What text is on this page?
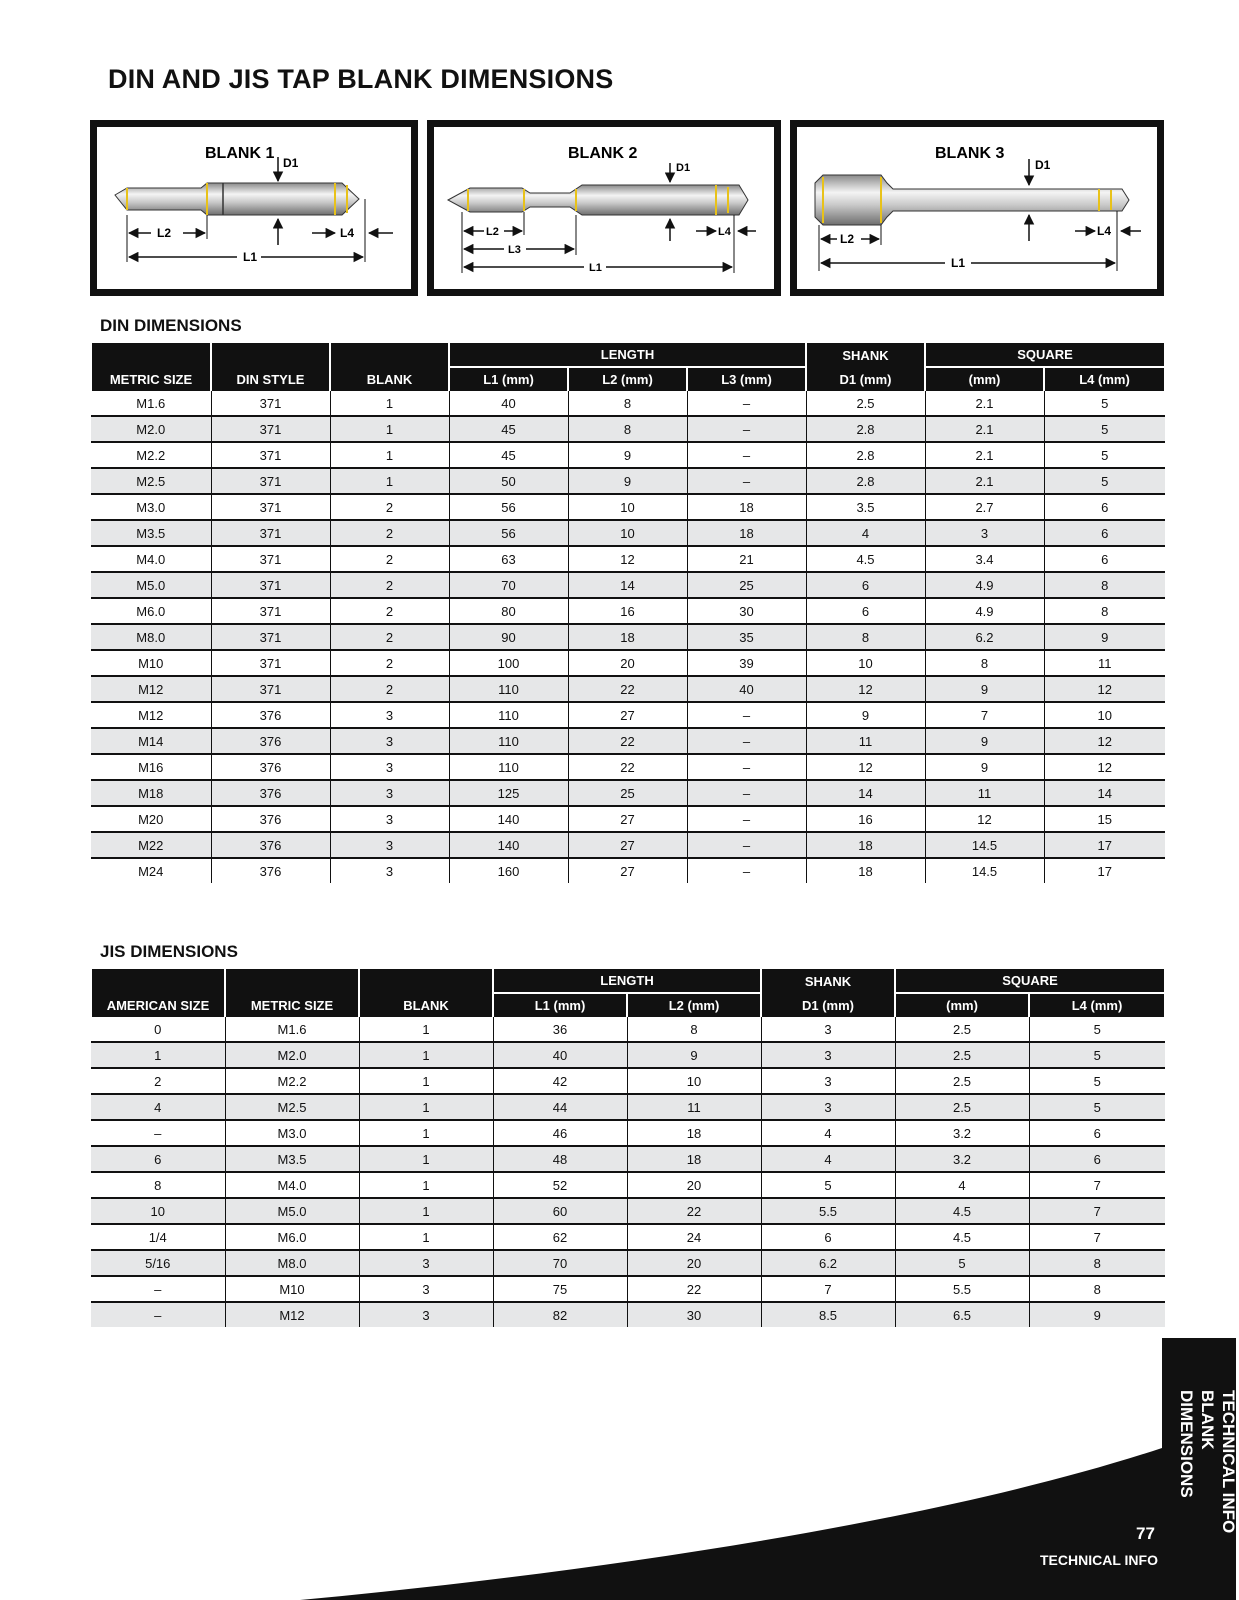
DIN AND JIS TAP BLANK DIMENSIONS
BLANK 1
D1
L2	L4
L1
BLANK 2
D1
L2	L4
L3
L1
BLANK 3
D1
L2
L4
L1
DIN DIMENSIONS
METRIC SIZE	DIN STYLE	BLANK	LENGTH			SHANK	SQUARE	
			L1 (mm)	L2 (mm)	L3 (mm)	D1 (mm)	(mm)	L4 (mm)
M1.6	371	1	40	8	–	2.5	2.1	5
M2.0	371	1	45	8	–	2.8	2.1	5
M2.2	371	1	45	9	–	2.8	2.1	5
M2.5	371	1	50	9	–	2.8	2.1	5
M3.0	371	2	56	10	18	3.5	2.7	6
M3.5	371	2	56	10	18	4	3	6
M4.0	371	2	63	12	21	4.5	3.4	6
M5.0	371	2	70	14	25	6	4.9	8
M6.0	371	2	80	16	30	6	4.9	8
M8.0	371	2	90	18	35	8	6.2	9
M10	371	2	100	20	39	10	8	11
M12	371	2	110	22	40	12	9	12
M12	376	3	110	27	–	9	7	10
M14	376	3	110	22	–	11	9	12
M16	376	3	110	22	–	12	9	12
M18	376	3	125	25	–	14	11	14
M20	376	3	140	27	–	16	12	15
M22	376	3	140	27	–	18	14.5	17
M24	376	3	160	27	–	18	14.5	17
JIS DIMENSIONS
AMERICAN SIZE	METRIC SIZE	BLANK	LENGTH		SHANK	SQUARE	
			L1 (mm)	L2 (mm)	D1 (mm)	(mm)	L4 (mm)
0	M1.6	1	36	8	3	2.5	5
1	M2.0	1	40	9	3	2.5	5
2	M2.2	1	42	10	3	2.5	5
4	M2.5	1	44	11	3	2.5	5
–	M3.0	1	46	18	4	3.2	6
6	M3.5	1	48	18	4	3.2	6
8	M4.0	1	52	20	5	4	7
10	M5.0	1	60	22	5.5	4.5	7
1/4	M6.0	1	62	24	6	4.5	7
5/16	M8.0	3	70	20	6.2	5	8
–	M10	3	75	22	7	5.5	8
–	M12	3	82	30	8.5	6.5	9
TECHNICAL INFO
BLANK DIMENSIONS
77
TECHNICAL INFO
